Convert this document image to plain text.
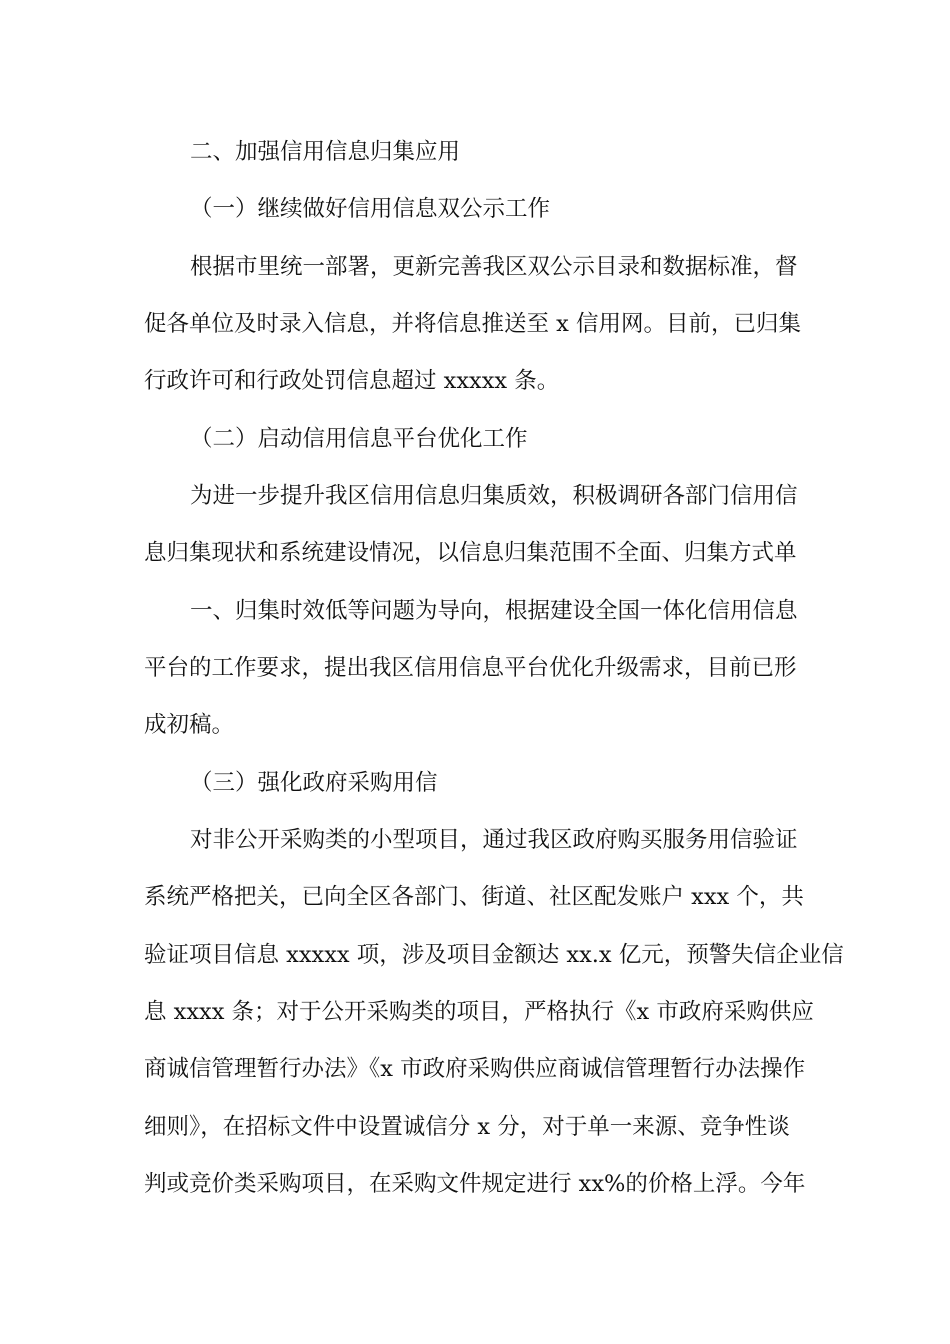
二、加强信用信息归集应用
（一）继续做好信用信息双公示工作
根据市里统一部署，更新完善我区双公示目录和数据标准，督
促各单位及时录入信息，并将信息推送至 x 信用网。目前，已归集
行政许可和行政处罚信息超过 xxxxx 条。
（二）启动信用信息平台优化工作
为进一步提升我区信用信息归集质效，积极调研各部门信用信
息归集现状和系统建设情况，以信息归集范围不全面、归集方式单
一、归集时效低等问题为导向，根据建设全国一体化信用信息
平台的工作要求，提出我区信用信息平台优化升级需求，目前已形
成初稿。
（三）强化政府采购用信
对非公开采购类的小型项目，通过我区政府购买服务用信验证
系统严格把关，已向全区各部门、街道、社区配发账户 xxx 个，共
验证项目信息 xxxxx 项，涉及项目金额达 xx.x 亿元，预警失信企业信
息 xxxx 条；对于公开采购类的项目，严格执行《x 市政府采购供应
商诚信管理暂行办法》《x 市政府采购供应商诚信管理暂行办法操作
细则》，在招标文件中设置诚信分 x 分，对于单一来源、竞争性谈
判或竞价类采购项目，在采购文件规定进行 xx%的价格上浮。今年
